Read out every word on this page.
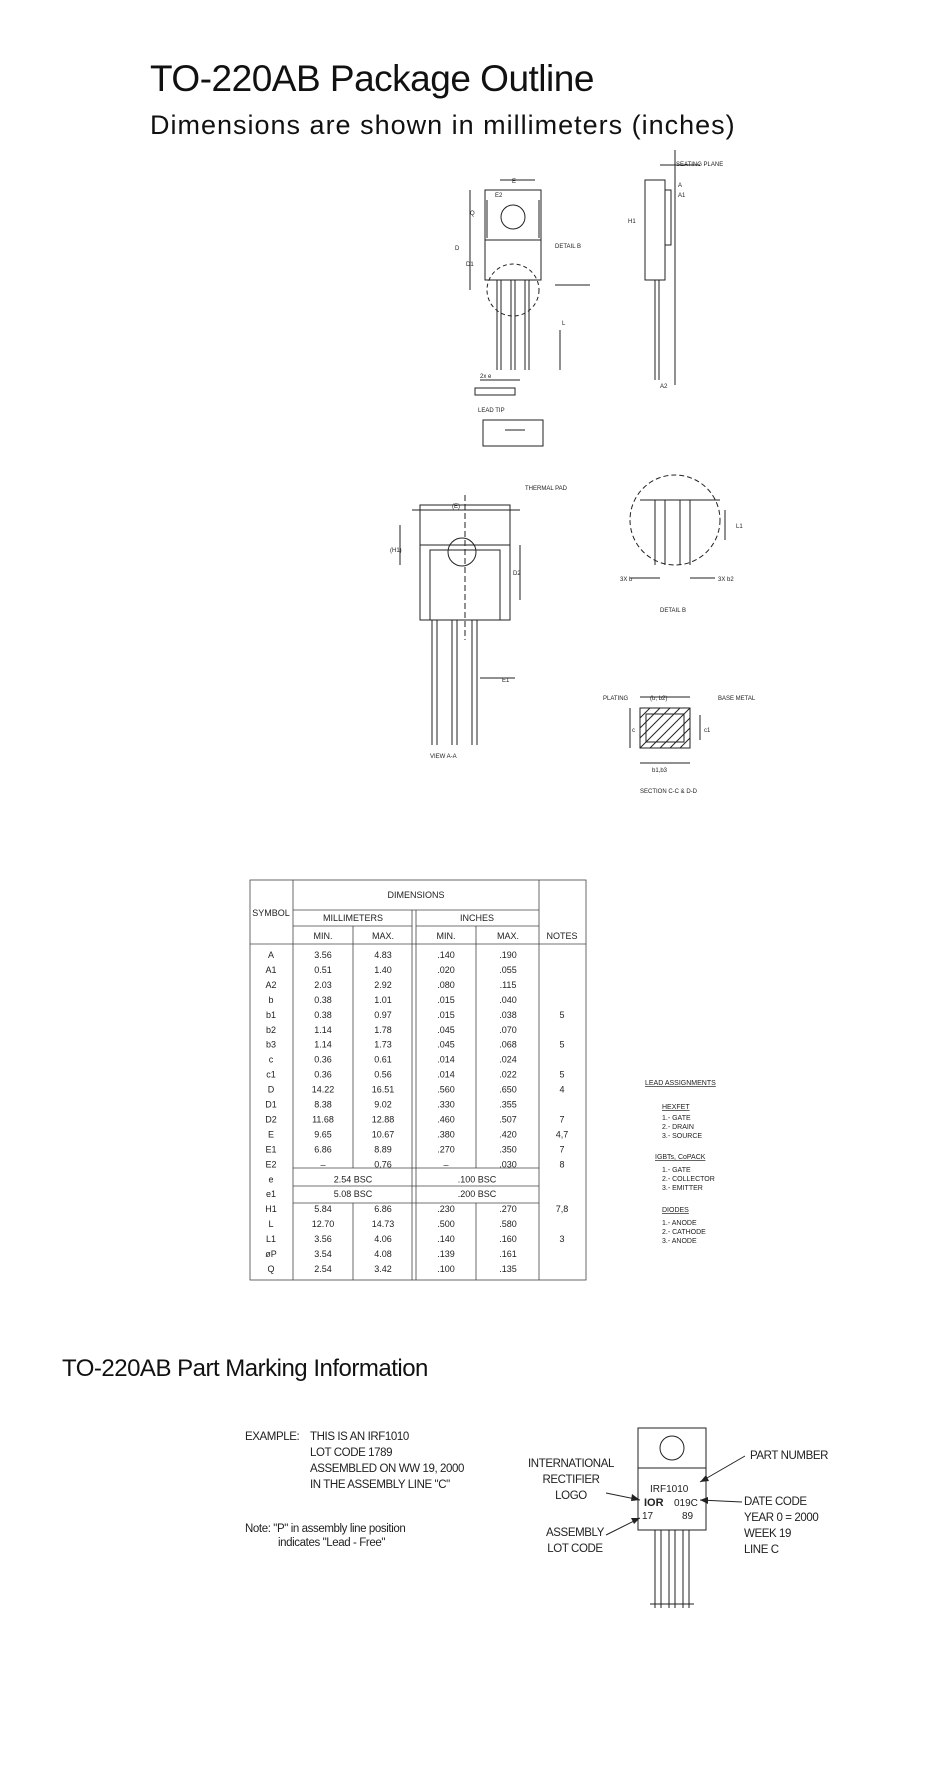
TO-220AB Package Outline
Dimensions are shown in millimeters (inches)
SEATING PLANE
DETAIL B
LEAD TIP
THERMAL PAD
VIEW A-A
DETAIL B
PLATING	BASE METAL
SECTION C-C & D-D
(E)
(H1)
D2
E1
(b, b2)
b1,b3
c	c1
3X b	3X b2
L1
D
D1
E
E2
Q
L
A
A1
A2
H1
2x e
SYMBOL
DIMENSIONS
MILLIMETERS	INCHES
MIN.	MAX.	MIN.	MAX.	NOTES
A	3.56	4.83	.140	.190
A1	0.51	1.40	.020	.055
A2	2.03	2.92	.080	.115
b	0.38	1.01	.015	.040
b1	0.38	0.97	.015	.038	5
b2	1.14	1.78	.045	.070
b3	1.14	1.73	.045	.068	5
c	0.36	0.61	.014	.024
c1	0.36	0.56	.014	.022	5
D	14.22	16.51	.560	.650	4
D1	8.38	9.02	.330	.355
D2	11.68	12.88	.460	.507	7
E	9.65	10.67	.380	.420	4,7
E1	6.86	8.89	.270	.350	7
E2	–	0.76	–	.030	8
e	2.54 BSC	.100 BSC
e1	5.08 BSC	.200 BSC
H1	5.84	6.86	.230	.270	7,8
L	12.70	14.73	.500	.580
L1	3.56	4.06	.140	.160	3
øP	3.54	4.08	.139	.161
Q	2.54	3.42	.100	.135
LEAD ASSIGNMENTS
HEXFET
1.- GATE
2.- DRAIN
3.- SOURCE
IGBTs, CoPACK
1.- GATE
2.- COLLECTOR
3.- EMITTER
DIODES
1.- ANODE
2.- CATHODE
3.- ANODE
TO-220AB Part Marking Information
EXAMPLE: THIS IS AN IRF1010
LOT CODE 1789
ASSEMBLED ON WW 19, 2000
IN THE ASSEMBLY LINE "C"
Note: "P" in assembly line position
indicates "Lead - Free"
INTERNATIONAL
RECTIFIER
LOGO
ASSEMBLY
LOT CODE
PART NUMBER
DATE CODE
YEAR 0 = 2000
WEEK 19
LINE C
IRF1010
IOR 019C
17	89
